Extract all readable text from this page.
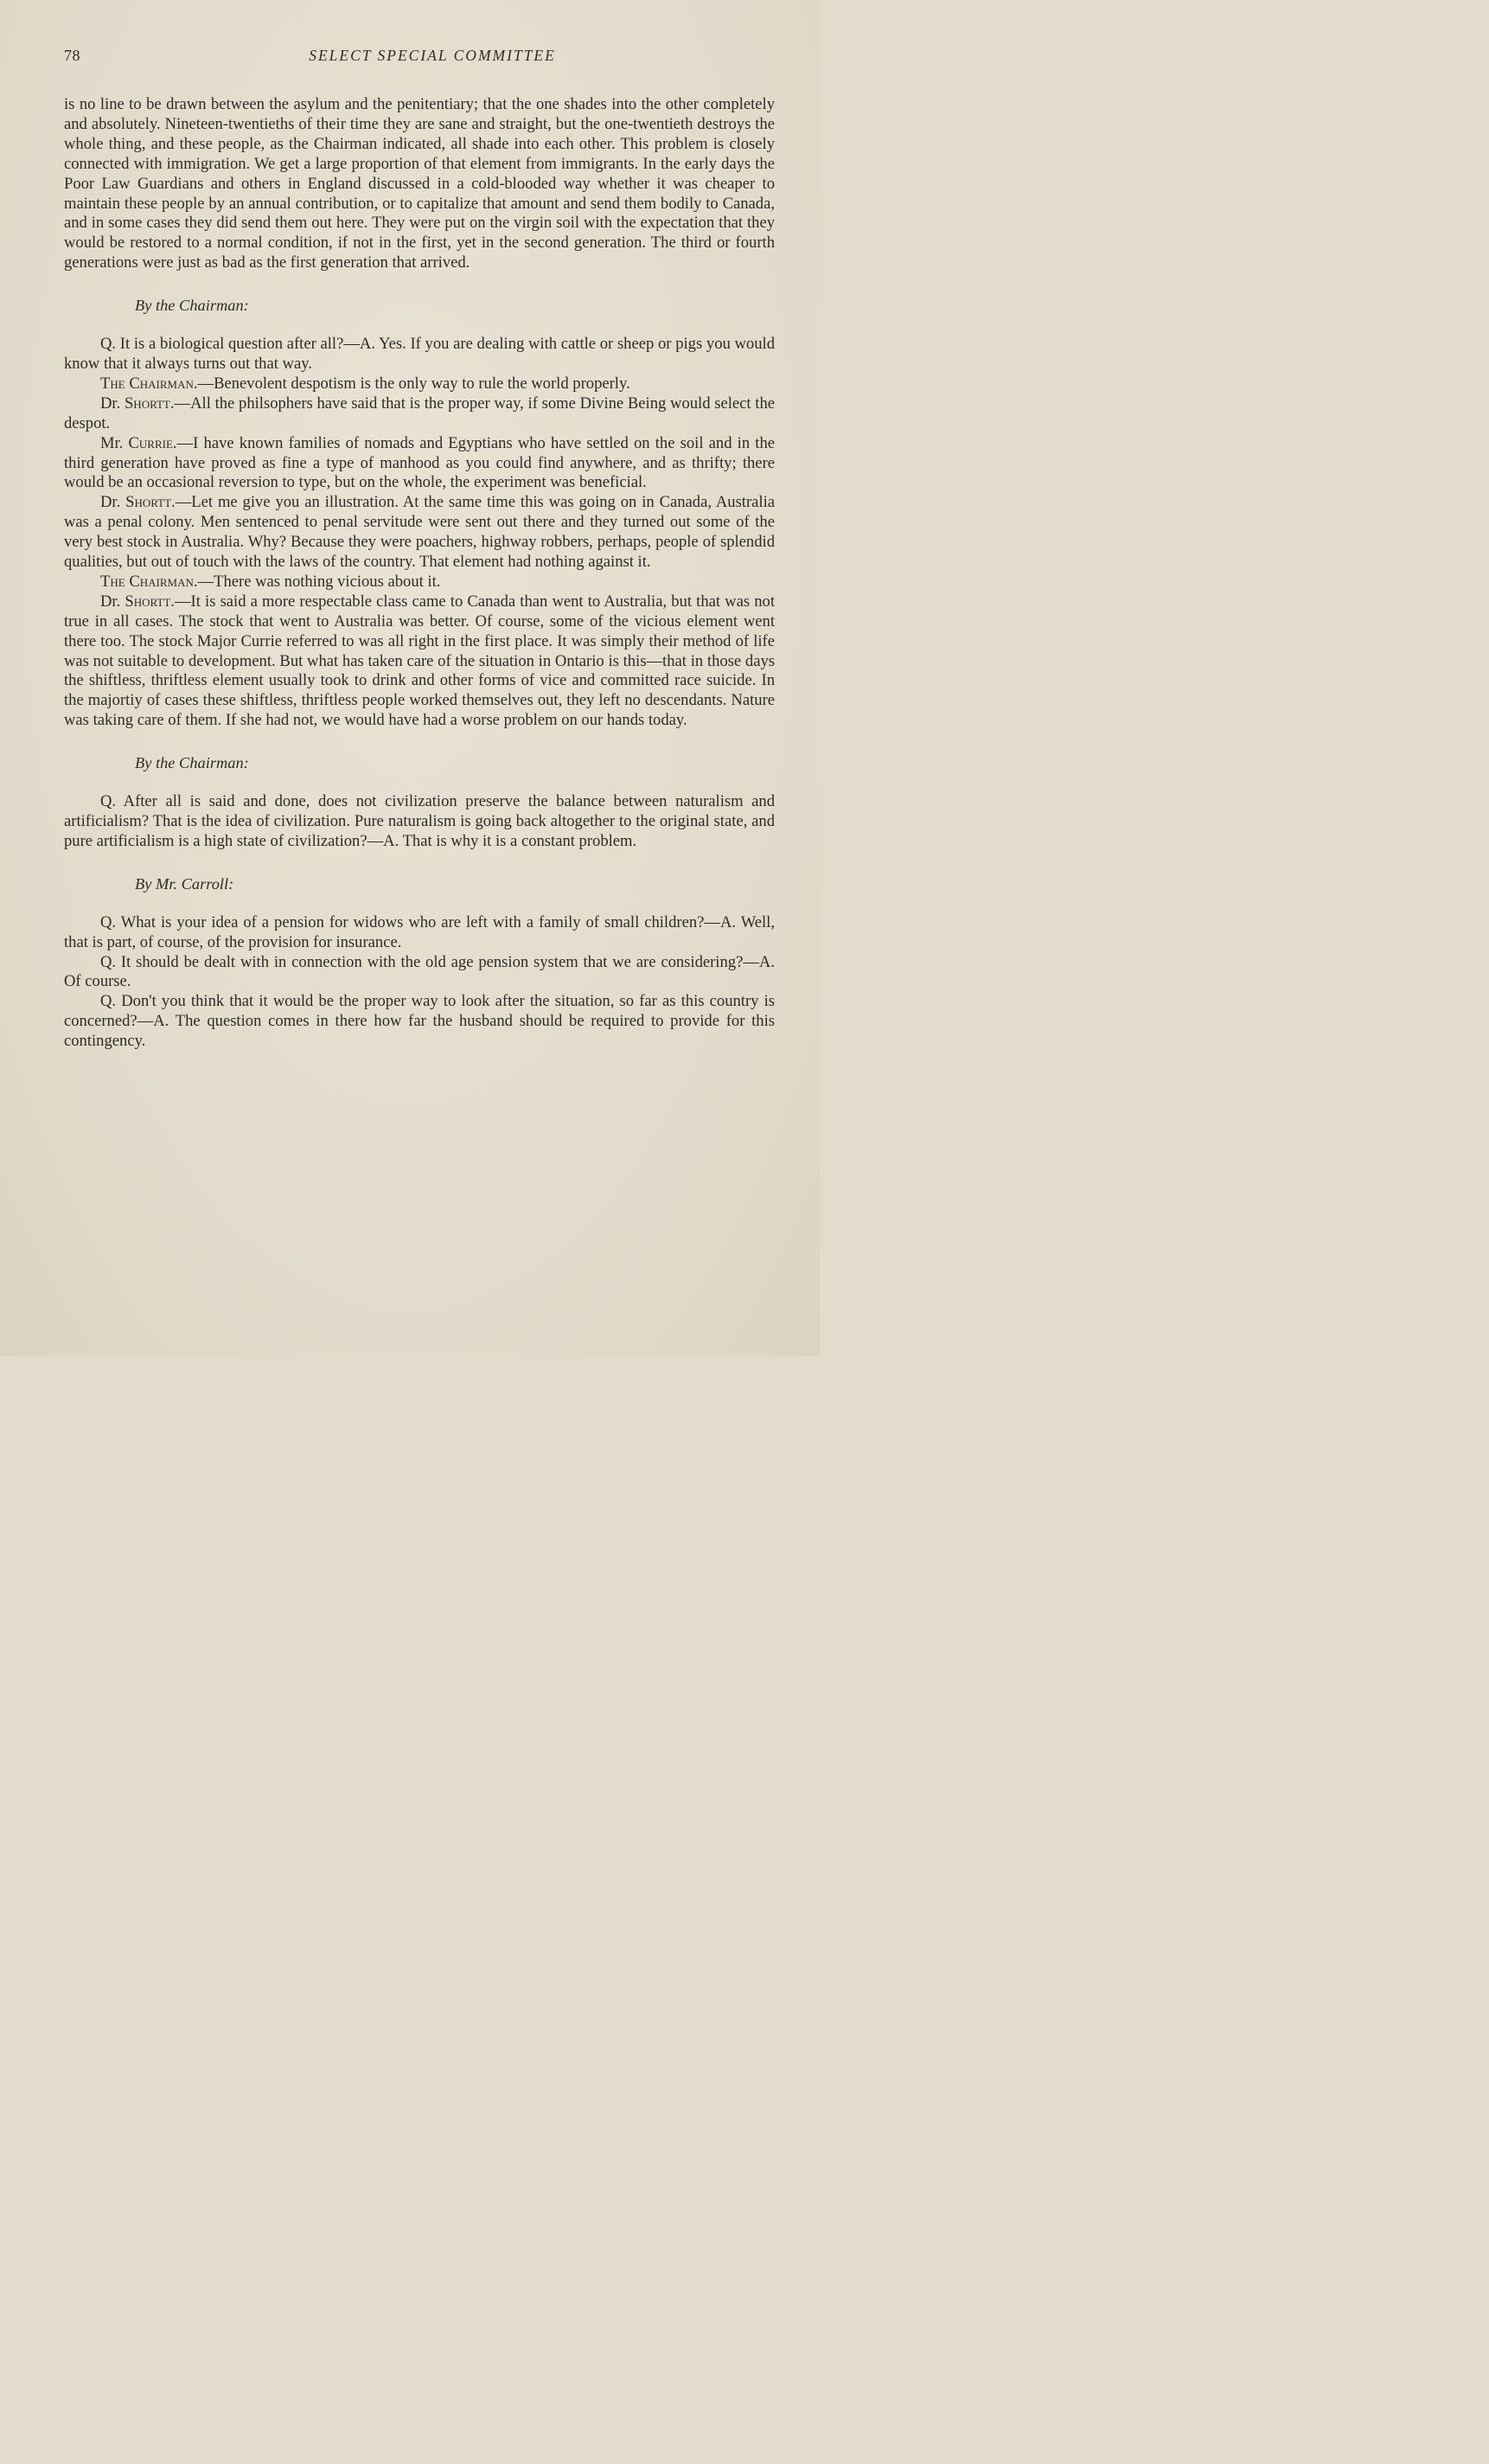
78	SELECT SPECIAL COMMITTEE

is no line to be drawn between the asylum and the penitentiary; that the one shades into the other completely and absolutely. Nineteen-twentieths of their time they are sane and straight, but the one-twentieth destroys the whole thing, and these people, as the Chairman indicated, all shade into each other. This problem is closely connected with immigration. We get a large proportion of that element from immigrants. In the early days the Poor Law Guardians and others in England discussed in a cold-blooded way whether it was cheaper to maintain these people by an annual contribution, or to capitalize that amount and send them bodily to Canada, and in some cases they did send them out here. They were put on the virgin soil with the expectation that they would be restored to a normal condition, if not in the first, yet in the second generation. The third or fourth generations were just as bad as the first generation that arrived.

By the Chairman:

Q. It is a biological question after all?—A. Yes. If you are dealing with cattle or sheep or pigs you would know that it always turns out that way.

The Chairman.—Benevolent despotism is the only way to rule the world properly.

Dr. Shortt.—All the philsophers have said that is the proper way, if some Divine Being would select the despot.

Mr. Currie.—I have known families of nomads and Egyptians who have settled on the soil and in the third generation have proved as fine a type of manhood as you could find anywhere, and as thrifty; there would be an occasional reversion to type, but on the whole, the experiment was beneficial.

Dr. Shortt.—Let me give you an illustration. At the same time this was going on in Canada, Australia was a penal colony. Men sentenced to penal servitude were sent out there and they turned out some of the very best stock in Australia. Why? Because they were poachers, highway robbers, perhaps, people of splendid qualities, but out of touch with the laws of the country. That element had nothing against it.

The Chairman.—There was nothing vicious about it.

Dr. Shortt.—It is said a more respectable class came to Canada than went to Australia, but that was not true in all cases. The stock that went to Australia was better. Of course, some of the vicious element went there too. The stock Major Currie referred to was all right in the first place. It was simply their method of life was not suitable to development. But what has taken care of the situation in Ontario is this—that in those days the shiftless, thriftless element usually took to drink and other forms of vice and committed race suicide. In the majortiy of cases these shiftless, thriftless people worked themselves out, they left no descendants. Nature was taking care of them. If she had not, we would have had a worse problem on our hands today.

By the Chairman:

Q. After all is said and done, does not civilization preserve the balance between naturalism and artificialism? That is the idea of civilization. Pure naturalism is going back altogether to the original state, and pure artificialism is a high state of civilization?—A. That is why it is a constant problem.

By Mr. Carroll:

Q. What is your idea of a pension for widows who are left with a family of small children?—A. Well, that is part, of course, of the provision for insurance.

Q. It should be dealt with in connection with the old age pension system that we are considering?—A. Of course.

Q. Don't you think that it would be the proper way to look after the situation, so far as this country is concerned?—A. The question comes in there how far the husband should be required to provide for this contingency.
